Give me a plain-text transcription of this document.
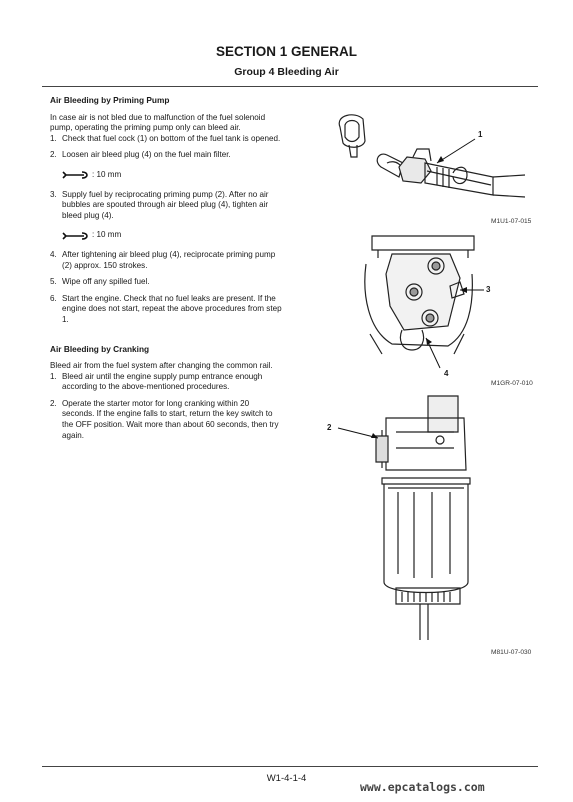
SECTION 1 GENERAL
Group 4 Bleeding Air
Air Bleeding by Priming Pump
In case air is not bled due to malfunction of the fuel solenoid pump, operating the priming pump only can bleed air.
1. Check that fuel cock (1) on bottom of the fuel tank is opened.
2. Loosen air bleed plug (4) on the fuel main filter.
: 10 mm
3. Supply fuel by reciprocating priming pump (2). After no air bubbles are spouted through air bleed plug (4), tighten air bleed plug (4).
: 10 mm
4. After tightening air bleed plug (4), reciprocate priming pump (2) approx. 150 strokes.
5. Wipe off any spilled fuel.
6. Start the engine. Check that no fuel leaks are present. If the engine does not start, repeat the above procedures from step 1.
Air Bleeding by Cranking
Bleed air from the fuel system after changing the common rail.
1. Bleed air until the engine supply pump entrance enough according to the above-mentioned procedures.
2. Operate the starter motor for long cranking within 20 seconds. If the engine falls to start, return the key switch to the OFF position. Wait more than about 60 seconds, then try again.
1
M1U1-07-015
3
4
M1GR-07-010
2
M81U-07-030
W1-4-1-4
www.epcatalogs.com
